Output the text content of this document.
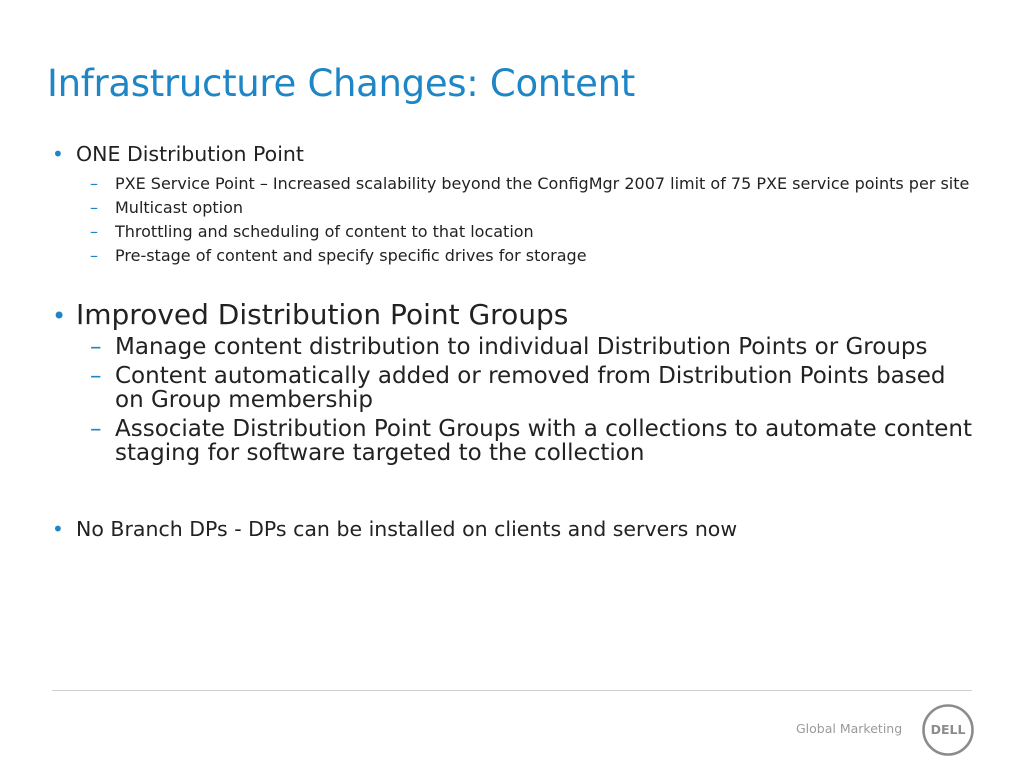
Infrastructure Changes: Content
• ONE Distribution Point
– PXE Service Point – Increased scalability beyond the ConfigMgr 2007 limit of 75 PXE service points per site
– Multicast option
– Throttling and scheduling of content to that location
– Pre-stage of content and specify specific drives for storage
• Improved Distribution Point Groups
– Manage content distribution to individual Distribution Points or Groups
– Content automatically added or removed from Distribution Points based on Group membership
– Associate Distribution Point Groups with a collections to automate content staging for software targeted to the collection
• No Branch DPs - DPs can be installed on clients and servers now
Global Marketing DELL
